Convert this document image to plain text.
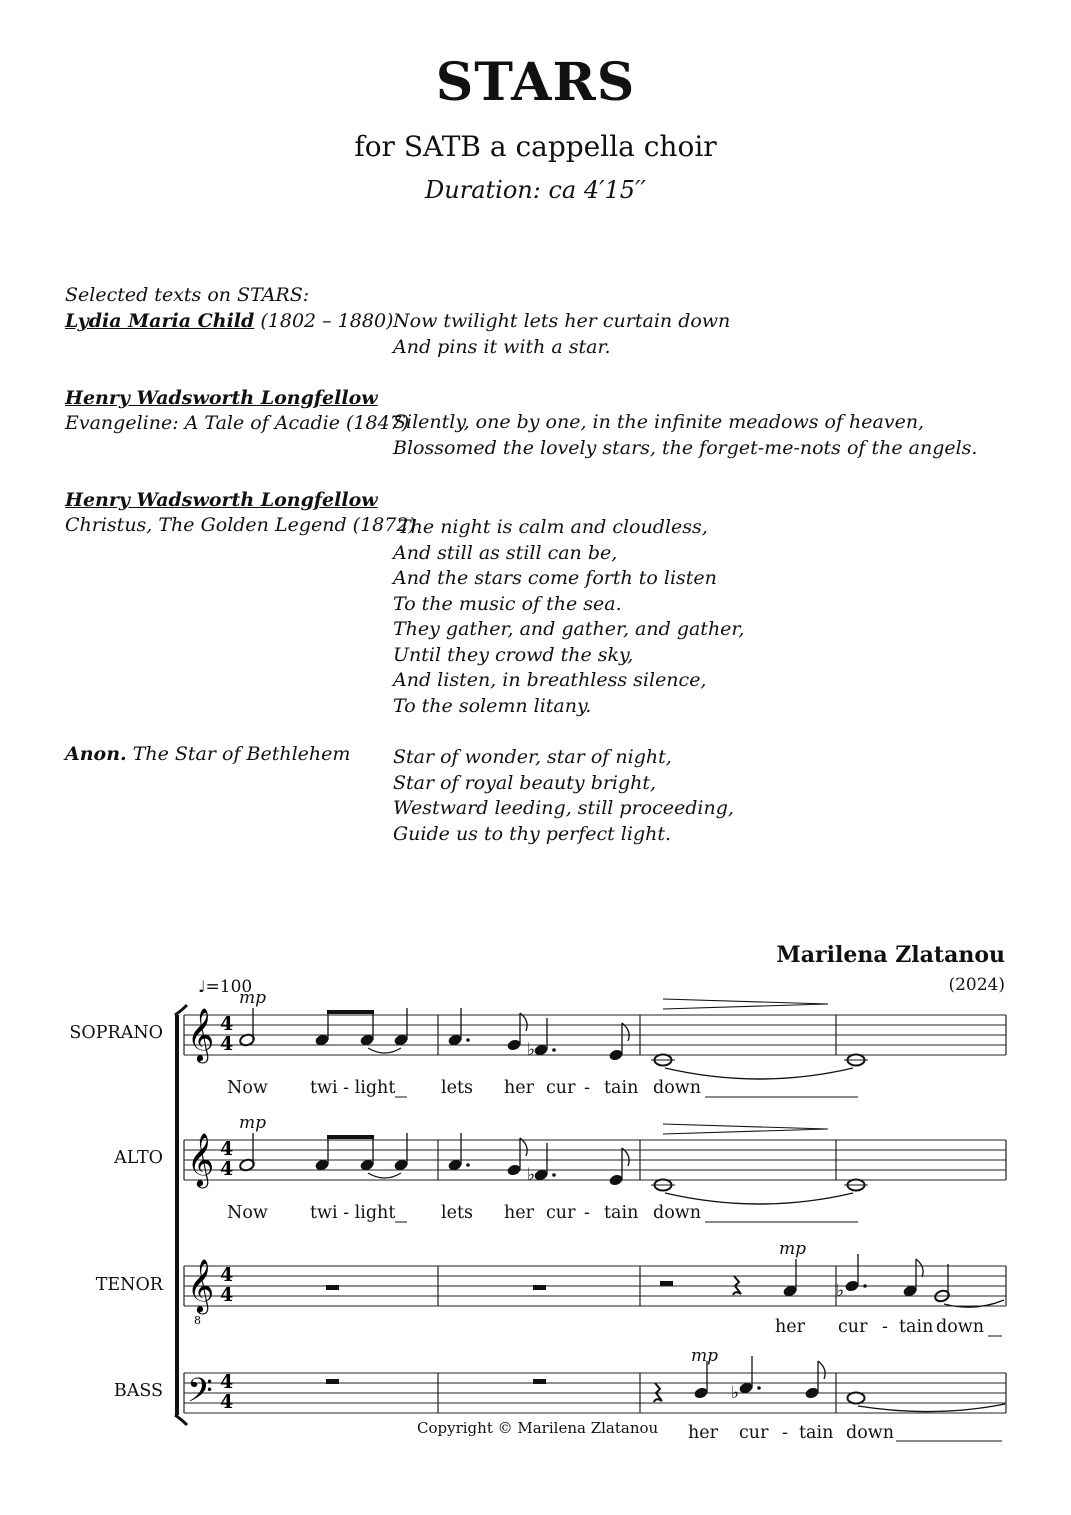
STARS
for SATB a cappella choir
Duration: ca 4′15′′
Selected texts on STARS:
Lydia Maria Child (1802 – 1880) Now twilight lets her curtain down
And pins it with a star.
Henry Wadsworth Longfellow
Evangeline: A Tale of Acadie (1847)
Silently, one by one, in the infinite meadows of heaven,
Blossomed the lovely stars, the forget-me-nots of the angels.
Henry Wadsworth Longfellow
Christus, The Golden Legend (1872)
The night is calm and cloudless,
And still as still can be,
And the stars come forth to listen
To the music of the sea.
They gather, and gather, and gather,
Until they crowd the sky,
And listen, in breathless silence,
To the solemn litany.
Anon. The Star of Bethlehem Star of wonder, star of night,
Star of royal beauty bright,
Westward leeding, still proceeding,
Guide us to thy perfect light.
Marilena Zlatanou
(2024)
♩=100
mp
mp
mp
mp
SOPRANO
ALTO
TENOR
BASS
𝄞
𝄞
𝄞
8
𝄢
4
4
4
4
4
4
4
4
♭
♭
♭
Now twi - light	lets her cur - tain down
Now twi - light	lets her cur - tain down
her cur - tain down
her cur - tain down
Copyright © Marilena Zlatanou
